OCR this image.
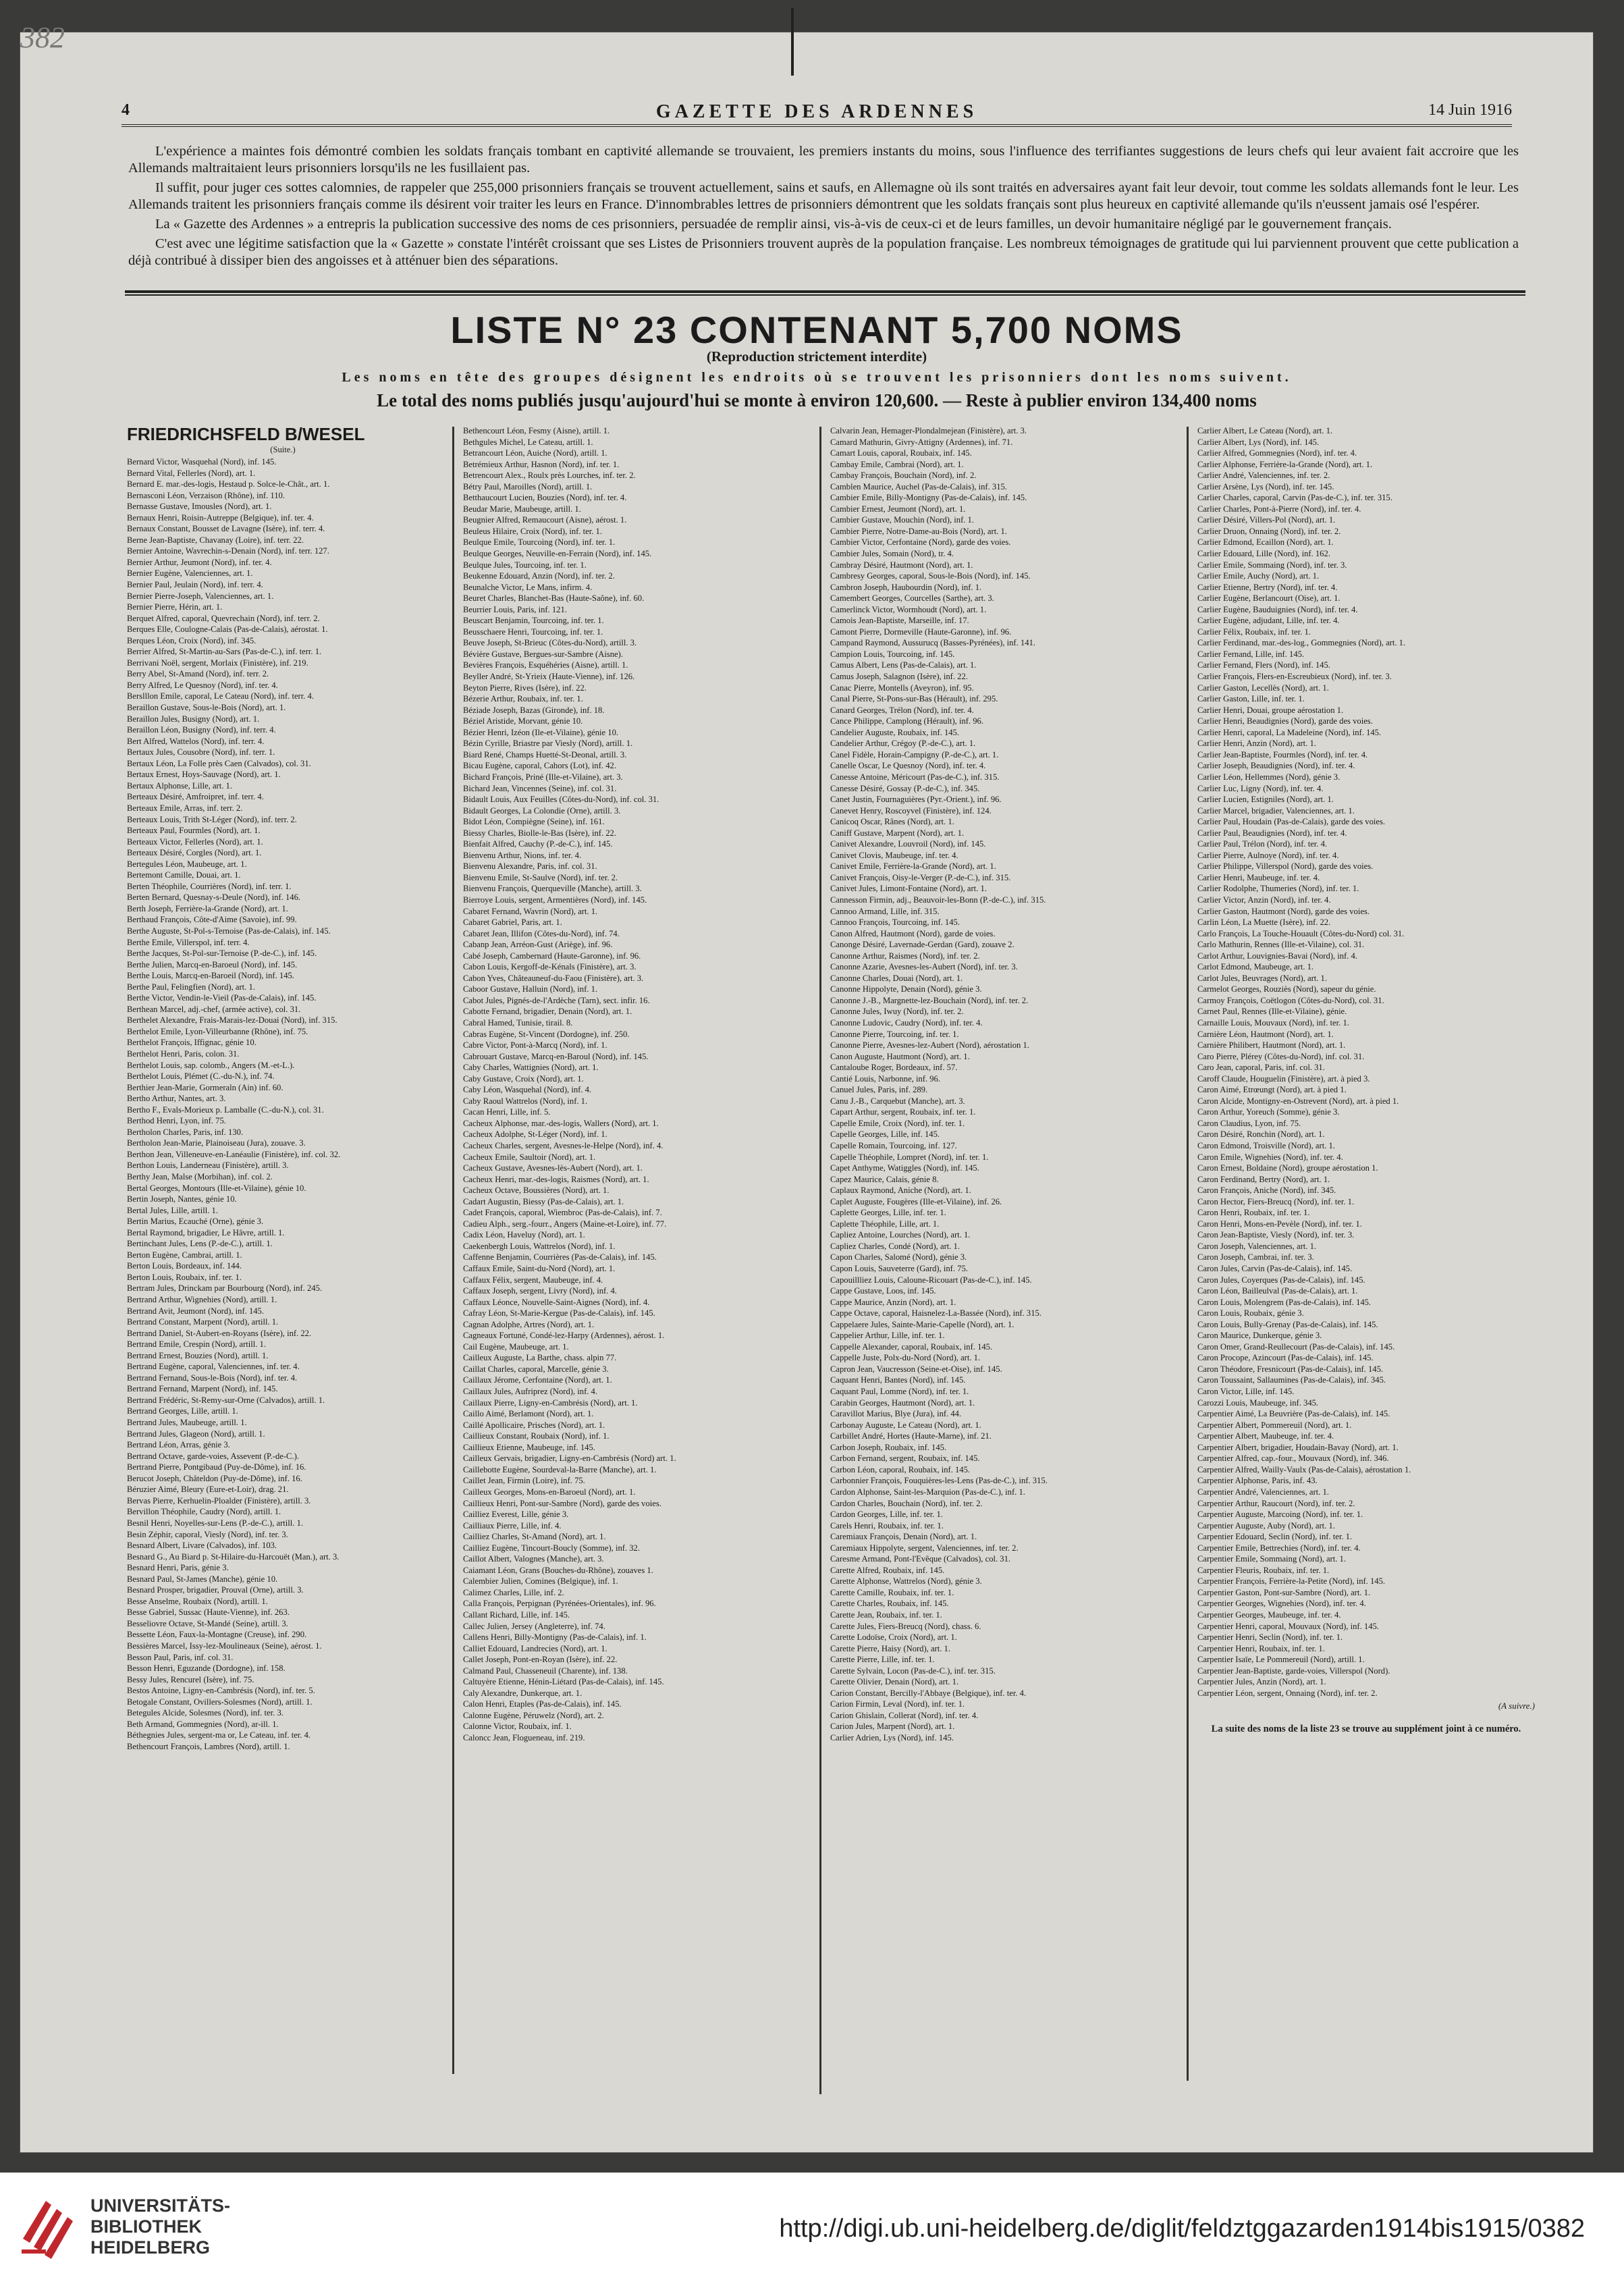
382
4	GAZETTE DES ARDENNES	14 Juin 1916

L'expérience a maintes fois démontré combien les soldats français tombant en captivité allemande se trouvaient, les premiers instants du moins, sous l'influence des terrifiantes suggestions de leurs chefs qui leur avaient fait accroire que les Allemands maltraitaient leurs prisonniers lorsqu'ils ne les fusillaient pas.

Il suffit, pour juger ces sottes calomnies, de rappeler que 255,000 prisonniers français se trouvent actuellement, sains et saufs, en Allemagne où ils sont traités en adversaires ayant fait leur devoir, tout comme les soldats allemands font le leur. Les Allemands traitent les prisonniers français comme ils désirent voir traiter les leurs en France. D'innombrables lettres de prisonniers démontrent que les soldats français sont plus heureux en captivité allemande qu'ils n'eussent jamais osé l'espérer.

La « Gazette des Ardennes » a entrepris la publication successive des noms de ces prisonniers, persuadée de remplir ainsi, vis-à-vis de ceux-ci et de leurs familles, un devoir humanitaire négligé par le gouvernement français.

C'est avec une légitime satisfaction que la « Gazette » constate l'intérêt croissant que ses Listes de Prisonniers trouvent auprès de la population française. Les nombreux témoignages de gratitude qui lui parviennent prouvent que cette publication a déjà contribué à dissiper bien des angoisses et à atténuer bien des séparations.

LISTE N° 23 CONTENANT 5,700 NOMS
(Reproduction strictement interdite)
Les noms en tête des groupes désignent les endroits où se trouvent les prisonniers dont les noms suivent.
Le total des noms publiés jusqu'aujourd'hui se monte à environ 120,600. — Reste à publier environ 134,400 noms
FRIEDRICHSFELD B/WESEL
(Suite.)
Bernard Victor, Wasquehal (Nord), inf. 145.
Bernard Vital, Fellerles (Nord), art. 1.
Bernard E. mar.-des-logis, Hestaud p. Solce-le-Chât., art. 1.
Bernasconi Léon, Verzaison (Rhône), inf. 110.
Bernasse Gustave, Imousles (Nord), art. 1.
Bernaux Henri, Roisin-Autreppe (Belgique), inf. ter. 4.
Bernaux Constant, Bousset de Lavagne (Isère), inf. terr. 4.
Berne Jean-Baptiste, Chavanay (Loire), inf. terr. 22.
Bernier Antoine, Wavrechin-s-Denain (Nord), inf. terr. 127.
Bernier Arthur, Jeumont (Nord), inf. ter. 4.
Bernier Eugène, Valenciennes, art. 1.
Bernier Paul, Jeulain (Nord), inf. terr. 4.
Bernier Pierre-Joseph, Valenciennes, art. 1.
Bernier Pierre, Hérin, art. 1.
Berquet Alfred, caporal, Quevrechain (Nord), inf. terr. 2.
Berques Elle, Coulogne-Calais (Pas-de-Calais), aérostat. 1.
Berques Léon, Croix (Nord), inf. 345.
Berrier Alfred, St-Martin-au-Sars (Pas-de-C.), inf. terr. 1.
Berrivani Noël, sergent, Morlaix (Finistère), inf. 219.
Berry Abel, St-Amand (Nord), inf. terr. 2.
Berry Alfred, Le Quesnoy (Nord), inf. ter. 4.
Berslllon Emile, caporal, Le Cateau (Nord), inf. terr. 4.
Beraillon Gustave, Sous-le-Bois (Nord), art. 1.
Beraillon Jules, Busigny (Nord), art. 1.
Beraillon Léon, Busigny (Nord), inf. terr. 4.
Bert Alfred, Wattelos (Nord), inf. terr. 4.
Bertaux Jules, Cousobre (Nord), inf. terr. 1.
Bertaux Léon, La Folle près Caen (Calvados), col. 31.
Bertaux Ernest, Hoys-Sauvage (Nord), art. 1.
Bertaux Alphonse, Lille, art. 1.
Berteaux Désiré, Amfroipret, inf. terr. 4.
Berteaux Emile, Arras, inf. terr. 2.
Berteaux Louis, Trith St-Léger (Nord), inf. terr. 2.
Berteaux Paul, Fourmles (Nord), art. 1.
Berteaux Victor, Fellerles (Nord), art. 1.
Berteaux Désiré, Corgles (Nord), art. 1.
Bertegules Léon, Maubeuge, art. 1.
Bertemont Camille, Douai, art. 1.
Berten Théophile, Courrières (Nord), inf. terr. 1.
Berten Bernard, Quesnay-s-Deule (Nord), inf. 146.
Berth Joseph, Ferrière-la-Grande (Nord), art. 1.
Berthaud François, Côte-d'Aime (Savoie), inf. 99.
Berthe Auguste, St-Pol-s-Ternoise (Pas-de-Calais), inf. 145.
Berthe Emile, Villerspol, inf. terr. 4.
Berthe Jacques, St-Pol-sur-Ternoise (P.-de-C.), inf. 145.
Berthe Julien, Marcq-en-Baroeul (Nord), inf. 145.
Berthe Louis, Marcq-en-Baroeil (Nord), inf. 145.
Berthe Paul, Felingfien (Nord), art. 1.
Berthe Victor, Vendin-le-Vieil (Pas-de-Calais), inf. 145.
Berthean Marcel, adj.-chef, (armée active), col. 31.
Berthelet Alexandre, Frais-Marais-lez-Douai (Nord), inf. 315.
Berthelot Emile, Lyon-Villeurbanne (Rhône), inf. 75.
Berthelot François, Iffignac, génie 10.
Berthelot Henri, Paris, colon. 31.
Berthelot Louis, sap. colomb., Angers (M.-et-L.).
Berthelot Louis, Plémet (C.-du-N.), inf. 74.
Berthier Jean-Marie, Gormeraln (Ain) inf. 60.
Bertho Arthur, Nantes, art. 3.
Bertho F., Evals-Morieux p. Lamballe (C.-du-N.), col. 31.
Berthod Henri, Lyon, inf. 75.
Bertholon Charles, Paris, inf. 130.
Bertholon Jean-Marie, Plainoiseau (Jura), zouave. 3.
Berthon Jean, Villeneuve-en-Lanéaulie (Finistère), inf. col. 32.
Berthon Louis, Landerneau (Finistère), artill. 3.
Berthy Jean, Malse (Morbihan), inf. col. 2.
Bertal Georges, Montours (Ille-et-Vilaine), génie 10.
Bertin Joseph, Nantes, génie 10.
Bertal Jules, Lille, artill. 1.
Bertin Marius, Ecauché (Orne), génie 3.
Bertal Raymond, brigadier, Le Hâvre, artill. 1.
Bertinchant Jules, Lens (P.-de-C.), artill. 1.
Berton Eugène, Cambrai, artill. 1.
Berton Louis, Bordeaux, inf. 144.
Berton Louis, Roubaix, inf. ter. 1.
Bertram Jules, Drinckam par Bourbourg (Nord), inf. 245.
Bertrand Arthur, Wignehies (Nord), artill. 1.
Bertrand Avit, Jeumont (Nord), inf. 145.
Bertrand Constant, Marpent (Nord), artill. 1.
Bertrand Daniel, St-Aubert-en-Royans (Isère), inf. 22.
Bertrand Emile, Crespin (Nord), artill. 1.
Bertrand Ernest, Bouzies (Nord), artill. 1.
Bertrand Eugène, caporal, Valenciennes, inf. ter. 4.
Bertrand Fernand, Sous-le-Bois (Nord), inf. ter. 4.
Bertrand Fernand, Marpent (Nord), inf. 145.
Bertrand Frédéric, St-Remy-sur-Orne (Calvados), artill. 1.
Bertrand Georges, Lille, artill. 1.
Bertrand Jules, Maubeuge, artill. 1.
Bertrand Jules, Glageon (Nord), artill. 1.
Bertrand Léon, Arras, génie 3.
Bertrand Octave, garde-voies, Assevent (P.-de-C.).
Bertrand Pierre, Pontgibaud (Puy-de-Dôme), inf. 16.
Berucot Joseph, Châteldon (Puy-de-Dôme), inf. 16.
Béruzier Aimé, Bleury (Eure-et-Loir), drag. 21.
Bervas Pierre, Kerhuelin-Ploalder (Finistère), artill. 3.
Bervillon Théophile, Caudry (Nord), artill. 1.
Besnil Henri, Noyelles-sur-Lens (P.-de-C.), artill. 1.
Besin Zéphir, caporal, Viesly (Nord), inf. ter. 3.
Besnard Albert, Livare (Calvados), inf. 103.
Besnard G., Au Biard p. St-Hilaire-du-Harcouët (Man.), art. 3.
Besnard Henri, Paris, génie 3.
Besnard Paul, St-James (Manche), génie 10.
Besnard Prosper, brigadier, Prouval (Orne), artill. 3.
Besse Anselme, Roubaix (Nord), artill. 1.
Besse Gabriel, Sussac (Haute-Vienne), inf. 263.
Besseliovre Octave, St-Mandé (Seine), artill. 3.
Bessette Léon, Faux-la-Montagne (Creuse), inf. 290.
Bessières Marcel, Issy-lez-Moulineaux (Seine), aérost. 1.
Besson Paul, Paris, inf. col. 31.
Besson Henri, Eguzande (Dordogne), inf. 158.
Bessy Jules, Rencurel (Isère), inf. 75.
Bestos Antoine, Ligny-en-Cambrésis (Nord), inf. ter. 5.
Betogale Constant, Ovillers-Solesmes (Nord), artill. 1.
Betegules Alcide, Solesmes (Nord), inf. ter. 3.
Beth Armand, Gommegnies (Nord), ar-ill. 1.
Béthegnies Jules, sergent-ma or, Le Cateau, inf. ter. 4.
Bethencourt François, Lambres (Nord), artill. 1.
Bethencourt Léon, Fesmy (Aisne), artill. 1.
Bethgules Michel, Le Cateau, artill. 1.
Betrancourt Léon, Auiche (Nord), artill. 1.
Betrémieux Arthur, Hasnon (Nord), inf. ter. 1.
Betrencourt Alex., Roulx près Lourches, inf. ter. 2.
Bétry Paul, Maroilles (Nord), artill. 1.
Betthaucourt Lucien, Bouzies (Nord), inf. ter. 4.
Beudar Marie, Maubeuge, artill. 1.
Beugnier Alfred, Remaucourt (Aisne), aérost. 1.
Beuleus Hilaire, Croix (Nord), inf. ter. 1.
Beulque Emile, Tourcoing (Nord), inf. ter. 1.
Beulque Georges, Neuville-en-Ferrain (Nord), inf. 145.
Beulque Jules, Tourcoing, inf. ter. 1.
Beukenne Edouard, Anzin (Nord), inf. ter. 2.
Beunalche Victor, Le Mans, infirm. 4.
Beuret Charles, Blanchet-Bas (Haute-Saône), inf. 60.
Beurrier Louis, Paris, inf. 121.
Beuscart Benjamin, Tourcoing, inf. ter. 1.
Beusschaere Henri, Tourcoing, inf. ter. 1.
Beuve Joseph, St-Brieuc (Côtes-du-Nord), artill. 3.
Bévière Gustave, Bergues-sur-Sambre (Aisne).
Bevières François, Esquéhéries (Aisne), artill. 1.
Beyller André, St-Yrieix (Haute-Vienne), inf. 126.
Beyton Pierre, Rives (Isère), inf. 22.
Bézerie Arthur, Roubaix, inf. ter. 1.
Béziade Joseph, Bazas (Gironde), inf. 18.
Béziel Aristide, Morvant, génie 10.
Bézier Henri, Izéon (Ile-et-Vilaine), génie 10.
Bézin Cyrille, Briastre par Viesly (Nord), artill. 1.
Biard René, Champs Huetté-St-Deonal, artill. 3.
Bicau Eugène, caporal, Cahors (Lot), inf. 42.
Bichard François, Priné (Ille-et-Vilaine), art. 3.
Bichard Jean, Vincennes (Seine), inf. col. 31.
Bidault Louis, Aux Feuilles (Côtes-du-Nord), inf. col. 31.
Bidault Georges, La Colondie (Orne), artill. 3.
Bidot Léon, Compiègne (Seine), inf. 161.
Biessy Charles, Biolle-le-Bas (Isère), inf. 22.
Bienfait Alfred, Cauchy (P.-de-C.), inf. 145.
Bienvenu Arthur, Nions, inf. ter. 4.
Bienvenu Alexandre, Paris, inf. col. 31.
Bienvenu Emile, St-Saulve (Nord), inf. ter. 2.
Bienvenu François, Querqueville (Manche), artill. 3.
Bierroye Louis, sergent, Armentières (Nord), inf. 145.
Cabaret Fernand, Wavrin (Nord), art. 1.
Cabaret Gabriel, Paris, art. 1.
Cabaret Jean, Illifon (Côtes-du-Nord), inf. 74.
Cabanp Jean, Arréon-Gust (Ariège), inf. 96.
Cabé Joseph, Cambernard (Haute-Garonne), inf. 96.
Cabon Louis, Kergoff-de-Kénals (Finistère), art. 3.
Cabon Yves, Châteauneuf-du-Faou (Finistère), art. 3.
Caboor Gustave, Halluin (Nord), inf. 1.
Cabot Jules, Pignés-de-l'Ardèche (Tarn), sect. infir. 16.
Cabotte Fernand, brigadier, Denain (Nord), art. 1.
Cabral Hamed, Tunisie, tirail. 8.
Cabras Eugène, St-Vincent (Dordogne), inf. 250.
Cabre Victor, Pont-à-Marcq (Nord), inf. 1.
Cabrouart Gustave, Marcq-en-Baroul (Nord), inf. 145.
Caby Charles, Wattignies (Nord), art. 1.
Caby Gustave, Croix (Nord), art. 1.
Caby Léon, Wasquehal (Nord), inf. 4.
Caby Raoul Wattrelos (Nord), inf. 1.
Cacan Henri, Lille, inf. 5.
Cacheux Alphonse, mar.-des-logis, Wallers (Nord), art. 1.
Cacheux Adolphe, St-Léger (Nord), inf. 1.
Cacheux Charles, sergent, Avesnes-le-Helpe (Nord), inf. 4.
Cacheux Emile, Saultoir (Nord), art. 1.
Cacheux Gustave, Avesnes-lès-Aubert (Nord), art. 1.
Cacheux Henri, mar.-des-logis, Raismes (Nord), art. 1.
Cacheux Octave, Boussières (Nord), art. 1.
Cadart Augustin, Biessy (Pas-de-Calais), art. 1.
Cadet François, caporal, Wiembroc (Pas-de-Calais), inf. 7.
Cadieu Alph., serg.-fourr., Angers (Maine-et-Loire), inf. 77.
Cadix Léon, Haveluy (Nord), art. 1.
Caekenbergh Louis, Wattrelos (Nord), inf. 1.
Caffenne Benjamin, Courrières (Pas-de-Calais), inf. 145.
Caffaux Emile, Saint-du-Nord (Nord), art. 1.
Caffaux Félix, sergent, Maubeuge, inf. 4.
Caffaux Joseph, sergent, Livry (Nord), inf. 4.
Caffaux Léonce, Nouvelle-Saint-Aignes (Nord), inf. 4.
Cafray Léon, St-Marie-Kergue (Pas-de-Calais), inf. 145.
Cagnan Adolphe, Artres (Nord), art. 1.
Cagneaux Fortuné, Condé-lez-Harpy (Ardennes), aérost. 1.
Cail Eugène, Maubeuge, art. 1.
Cailleux Auguste, La Barthe, chass. alpin 77.
Caillat Charles, caporal, Marcelle, génie 3.
Caillaux Jérome, Cerfontaine (Nord), art. 1.
Caillaux Jules, Aufriprez (Nord), inf. 4.
Caillaux Pierre, Ligny-en-Cambrésis (Nord), art. 1.
Caillo Aimé, Berlamont (Nord), art. 1.
Caillé Apollicaire, Prisches (Nord), art. 1.
Caillieux Constant, Roubaix (Nord), inf. 1.
Caillieux Etienne, Maubeuge, inf. 145.
Cailleux Gervais, brigadier, Ligny-en-Cambrésis (Nord) art. 1.
Caillebotte Eugène, Sourdeval-la-Barre (Manche), art. 1.
Caillet Jean, Firmin (Loire), inf. 75.
Cailleux Georges, Mons-en-Baroeul (Nord), art. 1.
Caillieux Henri, Pont-sur-Sambre (Nord), garde des voies.
Cailliez Everest, Lille, génie 3.
Cailliaux Pierre, Lille, inf. 4.
Cailliez Charles, St-Amand (Nord), art. 1.
Cailliez Eugène, Tincourt-Boucly (Somme), inf. 32.
Caillot Albert, Valognes (Manche), art. 3.
Caiamant Léon, Grans (Bouches-du-Rhône), zouaves 1.
Calembier Julien, Comines (Belgique), inf. 1.
Calimez Charles, Lille, inf. 2.
Calla François, Perpignan (Pyrénées-Orientales), inf. 96.
Callant Richard, Lille, inf. 145.
Callec Julien, Jersey (Angleterre), inf. 74.
Callens Henri, Billy-Montigny (Pas-de-Calais), inf. 1.
Calliet Edouard, Landrecies (Nord), art. 1.
Callet Joseph, Pont-en-Royan (Isère), inf. 22.
Calmand Paul, Chasseneuil (Charente), inf. 138.
Caltuyère Etienne, Hénin-Liétard (Pas-de-Calais), inf. 145.
Caly Alexandre, Dunkerque, art. 1.
Calon Henri, Etaples (Pas-de-Calais), inf. 145.
Calonne Eugène, Péruwelz (Nord), art. 2.
Calonne Victor, Roubaix, inf. 1.
Caloncc Jean, Flogueneau, inf. 219.
Calvarin Jean, Hemager-Plondalmejean (Finistère), art. 3.
Camard Mathurin, Givry-Attigny (Ardennes), inf. 71.
Camart Louis, caporal, Roubaix, inf. 145.
Cambay Emile, Cambrai (Nord), art. 1.
Cambay François, Bouchain (Nord), inf. 2.
Camblen Maurice, Auchel (Pas-de-Calais), inf. 315.
Cambier Emile, Billy-Montigny (Pas-de-Calais), inf. 145.
Cambier Ernest, Jeumont (Nord), art. 1.
Cambier Gustave, Mouchin (Nord), inf. 1.
Cambier Pierre, Notre-Dame-au-Bois (Nord), art. 1.
Cambier Victor, Cerfontaine (Nord), garde des voies.
Cambier Jules, Somain (Nord), tr. 4.
Cambray Désiré, Hautmont (Nord), art. 1.
Cambresy Georges, caporal, Sous-le-Bois (Nord), inf. 145.
Cambron Joseph, Haubourdin (Nord), inf. 1.
Camembert Georges, Courcelles (Sarthe), art. 3.
Camerlinck Victor, Wormhoudt (Nord), art. 1.
Camois Jean-Baptiste, Marseille, inf. 17.
Camont Pierre, Dormeville (Haute-Garonne), inf. 96.
Campand Raymond, Aussurucq (Basses-Pyrénées), inf. 141.
Campion Louis, Tourcoing, inf. 145.
Camus Albert, Lens (Pas-de-Calais), art. 1.
Camus Joseph, Salagnon (Isère), inf. 22.
Canac Pierre, Montells (Aveyron), inf. 95.
Canal Pierre, St-Pons-sur-Bas (Hérault), inf. 295.
Canard Georges, Trélon (Nord), inf. ter. 4.
Cance Philippe, Camplong (Hérault), inf. 96.
Candelier Auguste, Roubaix, inf. 145.
Candelier Arthur, Crégoy (P.-de-C.), art. 1.
Canel Fidèle, Horain-Campigny (P.-de-C.), art. 1.
Canelle Oscar, Le Quesnoy (Nord), inf. ter. 4.
Canesse Antoine, Méricourt (Pas-de-C.), inf. 315.
Canesse Désiré, Gossay (P.-de-C.), inf. 345.
Canet Justin, Fournaguières (Pyr.-Orient.), inf. 96.
Canevet Henry, Roscoyvel (Finistère), inf. 124.
Canicoq Oscar, Rânes (Nord), art. 1.
Caniff Gustave, Marpent (Nord), art. 1.
Canivet Alexandre, Louvroil (Nord), inf. 145.
Canivet Clovis, Maubeuge, inf. ter. 4.
Canivet Emile, Ferrière-la-Grande (Nord), art. 1.
Canivet François, Oisy-le-Verger (P.-de-C.), inf. 315.
Canivet Jules, Limont-Fontaine (Nord), art. 1.
Cannesson Firmin, adj., Beauvoir-les-Bonn (P.-de-C.), inf. 315.
Cannoo Armand, Lille, inf. 315.
Cannoo François, Tourcoing, inf. 145.
Canon Alfred, Hautmont (Nord), garde de voies.
Canonge Désiré, Lavernade-Gerdan (Gard), zouave 2.
Canonne Arthur, Raismes (Nord), inf. ter. 2.
Canonne Azarie, Avesnes-les-Aubert (Nord), inf. ter. 3.
Canonne Charles, Douai (Nord), art. 1.
Canonne Hippolyte, Denain (Nord), génie 3.
Canonne J.-B., Margnette-lez-Bouchain (Nord), inf. ter. 2.
Canonne Jules, Iwuy (Nord), inf. ter. 2.
Canonne Ludovic, Caudry (Nord), inf. ter. 4.
Canonne Pierre, Tourcoing, inf. ter. 1.
Canonne Pierre, Avesnes-lez-Aubert (Nord), aérostation 1.
Canon Auguste, Hautmont (Nord), art. 1.
Cantaloube Roger, Bordeaux, inf. 57.
Cantié Louis, Narbonne, inf. 96.
Canuel Jules, Paris, inf. 289.
Canu J.-B., Carquebut (Manche), art. 3.
Capart Arthur, sergent, Roubaix, inf. ter. 1.
Capelle Emile, Croix (Nord), inf. ter. 1.
Capelle Georges, Lille, inf. 145.
Capelle Romain, Tourcoing, inf. 127.
Capelle Théophile, Lompret (Nord), inf. ter. 1.
Capet Anthyme, Watiggles (Nord), inf. 145.
Capez Maurice, Calais, génie 8.
Caplaux Raymond, Aniche (Nord), art. 1.
Caplet Auguste, Fougères (Ille-et-Vilaine), inf. 26.
Caplette Georges, Lille, inf. ter. 1.
Caplette Théophile, Lille, art. 1.
Capliez Antoine, Lourches (Nord), art. 1.
Capliez Charles, Condé (Nord), art. 1.
Capon Charles, Salomé (Nord), génie 3.
Capon Louis, Sauveterre (Gard), inf. 75.
Capouillliez Louis, Caloune-Ricouart (Pas-de-C.), inf. 145.
Cappe Gustave, Loos, inf. 145.
Cappe Maurice, Anzin (Nord), art. 1.
Cappe Octave, caporal, Haisnelez-La-Bassée (Nord), inf. 315.
Cappelaere Jules, Sainte-Marie-Capelle (Nord), art. 1.
Cappelier Arthur, Lille, inf. ter. 1.
Cappelle Alexander, caporal, Roubaix, inf. 145.
Cappelle Juste, Polx-du-Nord (Nord), art. 1.
Capron Jean, Vaucresson (Seine-et-Oise), inf. 145.
Caquant Henri, Bantes (Nord), inf. 145.
Caquant Paul, Lomme (Nord), inf. ter. 1.
Carabin Georges, Hautmont (Nord), art. 1.
Caravillot Marius, Blye (Jura), inf. 44.
Carbonay Auguste, Le Cateau (Nord), art. 1.
Carbillet André, Hortes (Haute-Marne), inf. 21.
Carbon Joseph, Roubaix, inf. 145.
Carbon Fernand, sergent, Roubaix, inf. 145.
Carbon Léon, caporal, Roubaix, inf. 145.
Carbonnier François, Fouquières-les-Lens (Pas-de-C.), inf. 315.
Cardon Alphonse, Saint-les-Marquion (Pas-de-C.), inf. 1.
Cardon Charles, Bouchain (Nord), inf. ter. 2.
Cardon Georges, Lille, inf. ter. 1.
Carels Henri, Roubaix, inf. ter. 1.
Caremiaux François, Denain (Nord), art. 1.
Caremiaux Hippolyte, sergent, Valenciennes, inf. ter. 2.
Caresme Armand, Pont-l'Evêque (Calvados), col. 31.
Carette Alfred, Roubaix, inf. 145.
Carette Alphonse, Wattrelos (Nord), génie 3.
Carette Camille, Roubaix, inf. ter. 1.
Carette Charles, Roubaix, inf. 145.
Carette Jean, Roubaix, inf. ter. 1.
Carette Jules, Fiers-Breucq (Nord), chass. 6.
Carette Lodoïse, Croix (Nord), art. 1.
Carette Pierre, Haisy (Nord), art. 1.
Carette Pierre, Lille, inf. ter. 1.
Carette Sylvain, Locon (Pas-de-C.), inf. ter. 315.
Carette Olivier, Denain (Nord), art. 1.
Carion Constant, Bercilly-l'Abbaye (Belgique), inf. ter. 4.
Carion Firmin, Leval (Nord), inf. ter. 1.
Carion Ghislain, Collerat (Nord), inf. ter. 4.
Carion Jules, Marpent (Nord), art. 1.
Carlier Adrien, Lys (Nord), inf. 145.
Carlier Albert, Le Cateau (Nord), art. 1.
Carlier Albert, Lys (Nord), inf. 145.
Carlier Alfred, Gommegnies (Nord), inf. ter. 4.
Carlier Alphonse, Ferrière-la-Grande (Nord), art. 1.
Carlier André, Valenciennes, inf. ter. 2.
Carlier Arsène, Lys (Nord), inf. ter. 145.
Carlier Charles, caporal, Carvin (Pas-de-C.), inf. ter. 315.
Carlier Charles, Pont-à-Pierre (Nord), inf. ter. 4.
Carlier Désiré, Villers-Pol (Nord), art. 1.
Carlier Druon, Onnaing (Nord), inf. ter. 2.
Carlier Edmond, Ecaillon (Nord), art. 1.
Carlier Edouard, Lille (Nord), inf. 162.
Carlier Emile, Sommaing (Nord), inf. ter. 3.
Carlier Emile, Auchy (Nord), art. 1.
Carlier Etienne, Bertry (Nord), inf. ter. 4.
Carlier Eugène, Berlancourt (Oise), art. 1.
Carlier Eugène, Bauduignies (Nord), inf. ter. 4.
Carlier Eugène, adjudant, Lille, inf. ter. 4.
Carlier Félix, Roubaix, inf. ter. 1.
Carlier Ferdinand, mar.-des-log., Gommegnies (Nord), art. 1.
Carlier Fernand, Lille, inf. 145.
Carlier Fernand, Flers (Nord), inf. 145.
Carlier François, Flers-en-Escreubieux (Nord), inf. ter. 3.
Carlier Gaston, Lecellès (Nord), art. 1.
Carlier Gaston, Lille, inf. ter. 1.
Carlier Henri, Douai, groupe aérostation 1.
Carlier Henri, Beaudignies (Nord), garde des voies.
Carlier Henri, caporal, La Madeleine (Nord), inf. 145.
Carlier Henri, Anzin (Nord), art. 1.
Carlier Jean-Baptiste, Fourmles (Nord), inf. ter. 4.
Carlier Joseph, Beaudignies (Nord), inf. ter. 4.
Carlier Léon, Hellemmes (Nord), génie 3.
Carlier Luc, Ligny (Nord), inf. ter. 4.
Carlier Lucien, Estigniles (Nord), art. 1.
Carlier Marcel, brigadier, Valenciennes, art. 1.
Carlier Paul, Houdain (Pas-de-Calais), garde des voies.
Carlier Paul, Beaudignies (Nord), inf. ter. 4.
Carlier Paul, Trélon (Nord), inf. ter. 4.
Carlier Pierre, Aulnoye (Nord), inf. ter. 4.
Carlier Philippe, Villerspol (Nord), garde des voies.
Carlier Henri, Maubeuge, inf. ter. 4.
Carlier Rodolphe, Thumeries (Nord), inf. ter. 1.
Carlier Victor, Anzin (Nord), inf. ter. 4.
Carlier Gaston, Hautmont (Nord), garde des voies.
Carlin Léon, La Muette (Isère), inf. 22.
Carlo François, La Touche-Houault (Côtes-du-Nord) col. 31.
Carlo Mathurin, Rennes (Ille-et-Vilaine), col. 31.
Carlot Arthur, Louvignies-Bavai (Nord), inf. 4.
Carlot Edmond, Maubeuge, art. 1.
Carlot Jules, Beuvrages (Nord), art. 1.
Carmelot Georges, Rouziès (Nord), sapeur du génie.
Carmoy François, Coëtlogon (Côtes-du-Nord), col. 31.
Carnet Paul, Rennes (Ille-et-Vilaine), génie.
Carnaille Louis, Mouvaux (Nord), inf. ter. 1.
Carnière Léon, Hautmont (Nord), art. 1.
Carnière Philibert, Hautmont (Nord), art. 1.
Caro Pierre, Plérey (Côtes-du-Nord), inf. col. 31.
Caro Jean, caporal, Paris, inf. col. 31.
Caroff Claude, Houguelin (Finistère), art. à pied 3.
Caron Aimé, Etrœungt (Nord), art. à pied 1.
Caron Alcide, Montigny-en-Ostrevent (Nord), art. à pied 1.
Caron Arthur, Yoreuch (Somme), génie 3.
Caron Claudius, Lyon, inf. 75.
Caron Désiré, Ronchin (Nord), art. 1.
Caron Edmond, Troisville (Nord), art. 1.
Caron Emile, Wignehies (Nord), inf. ter. 4.
Caron Ernest, Boldaine (Nord), groupe aérostation 1.
Caron Ferdinand, Bertry (Nord), art. 1.
Caron François, Aniche (Nord), inf. 345.
Caron Hector, Fiers-Breucq (Nord), inf. ter. 1.
Caron Henri, Roubaix, inf. ter. 1.
Caron Henri, Mons-en-Pevèle (Nord), inf. ter. 1.
Caron Jean-Baptiste, Viesly (Nord), inf. ter. 3.
Caron Joseph, Valenciennes, art. 1.
Caron Joseph, Cambrai, inf. ter. 3.
Caron Jules, Carvin (Pas-de-Calais), inf. 145.
Caron Jules, Coyerques (Pas-de-Calais), inf. 145.
Caron Léon, Bailleulval (Pas-de-Calais), art. 1.
Caron Louis, Molengrem (Pas-de-Calais), inf. 145.
Caron Louis, Roubaix, génie 3.
Caron Louis, Bully-Grenay (Pas-de-Calais), inf. 145.
Caron Maurice, Dunkerque, génie 3.
Caron Omer, Grand-Reullecourt (Pas-de-Calais), inf. 145.
Caron Procope, Azincourt (Pas-de-Calais), inf. 145.
Caron Théodore, Fresnicourt (Pas-de-Calais), inf. 145.
Caron Toussaint, Sallaumines (Pas-de-Calais), inf. 345.
Caron Victor, Lille, inf. 145.
Carozzi Louis, Maubeuge, inf. 345.
Carpentier Aimé, La Beuvrière (Pas-de-Calais), inf. 145.
Carpentier Albert, Pommereuil (Nord), art. 1.
Carpentier Albert, Maubeuge, inf. ter. 4.
Carpentier Albert, brigadier, Houdain-Bavay (Nord), art. 1.
Carpentier Alfred, cap.-four., Mouvaux (Nord), inf. 346.
Carpentier Alfred, Wailly-Vaulx (Pas-de-Calais), aérostation 1.
Carpentier Alphonse, Paris, inf. 43.
Carpentier André, Valenciennes, art. 1.
Carpentier Arthur, Raucourt (Nord), inf. ter. 2.
Carpentier Auguste, Marcoing (Nord), inf. ter. 1.
Carpentier Auguste, Auby (Nord), art. 1.
Carpentier Edouard, Seclin (Nord), inf. ter. 1.
Carpentier Emile, Bettrechies (Nord), inf. ter. 4.
Carpentier Emile, Sommaing (Nord), art. 1.
Carpentier Fleuris, Roubaix, inf. ter. 1.
Carpentier François, Ferrière-la-Petite (Nord), inf. 145.
Carpentier Gaston, Pont-sur-Sambre (Nord), art. 1.
Carpentier Georges, Wignehies (Nord), inf. ter. 4.
Carpentier Georges, Maubeuge, inf. ter. 4.
Carpentier Henri, caporal, Mouvaux (Nord), inf. 145.
Carpentier Henri, Seclin (Nord), inf. ter. 1.
Carpentier Henri, Roubaix, inf. ter. 1.
Carpentier Isaïe, Le Pommereuil (Nord), artill. 1.
Carpentier Jean-Baptiste, garde-voies, Villerspol (Nord).
Carpentier Jules, Anzin (Nord), art. 1.
Carpentier Léon, sergent, Onnaing (Nord), inf. ter. 2.
(A suivre.)
La suite des noms de la liste 23 se trouve au supplément joint à ce numéro.
UNIVERSITÄTS-
BIBLIOTHEK
HEIDELBERG
http://digi.ub.uni-heidelberg.de/diglit/feldztggazarden1914bis1915/0382
